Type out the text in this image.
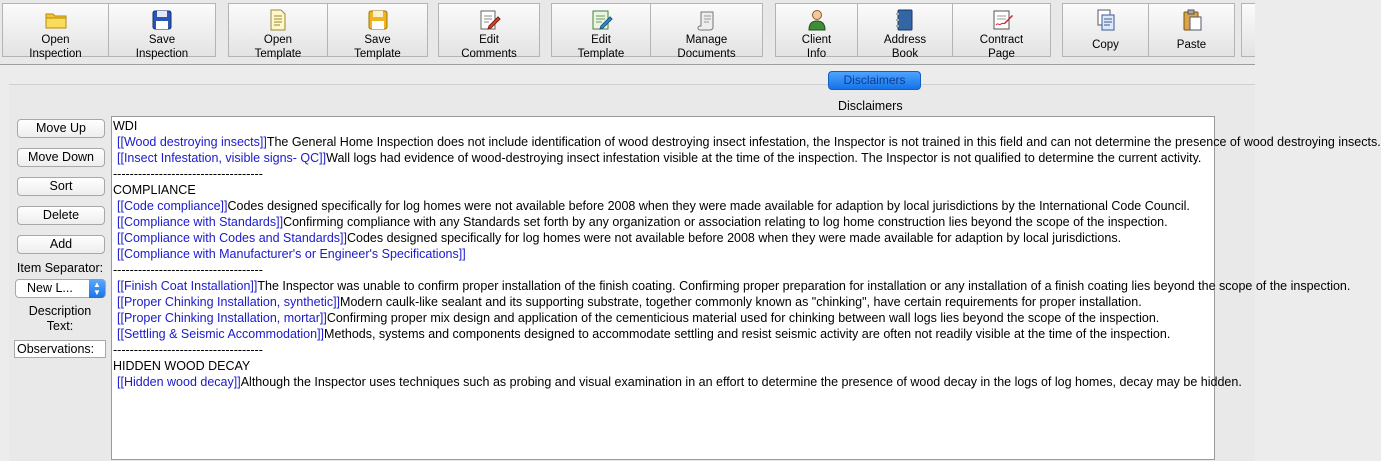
Open
Inspection
Save
Inspection
Open
Template
Save
Template
Edit
Comments
Edit
Template
Manage
Documents
Client
Info
Address
Book
Contract
Page
Copy	Paste
Disclaimers
Disclaimers
Move Up
Move Down
Sort
Delete
Add
Item Separator:
New L...	▲
▼
Description Text:
Observations:
WDI
[[Wood destroying insects]]The General Home Inspection does not include identification of wood destroying insect infestation, the Inspector is not trained in this field and can not determine the presence of wood destroying insects.
[[Insect Infestation, visible signs- QC]]Wall logs had evidence of wood-destroying insect infestation visible at the time of the inspection. The Inspector is not qualified to determine the current activity.
------------------------------------
COMPLIANCE
[[Code compliance]]Codes designed specifically for log homes were not available before 2008 when they were made available for adaption by local jurisdictions by the International Code Council.
[[Compliance with Standards]]Confirming compliance with any Standards set forth by any organization or association relating to log home construction lies beyond the scope of the inspection.
[[Compliance with Codes and Standards]]Codes designed specifically for log homes were not available before 2008 when they were made available for adaption by local jurisdictions.
[[Compliance with Manufacturer's or Engineer's Specifications]]
------------------------------------
[[Finish Coat Installation]]The Inspector was unable to confirm proper installation of the finish coating. Confirming proper preparation for installation or any installation of a finish coating lies beyond the scope of the inspection.
[[Proper Chinking Installation, synthetic]]Modern caulk-like sealant and its supporting substrate, together commonly known as "chinking", have certain requirements for proper installation.
[[Proper Chinking Installation, mortar]]Confirming proper mix design and application of the cementicious material used for chinking between wall logs lies beyond the scope of the inspection.
[[Settling & Seismic Accommodation]]Methods, systems and components designed to accommodate settling and resist seismic activity are often not readily visible at the time of the inspection.
------------------------------------
HIDDEN WOOD DECAY
[[Hidden wood decay]]Although the Inspector uses techniques such as probing and visual examination in an effort to determine the presence of wood decay in the logs of log homes, decay may be hidden.
